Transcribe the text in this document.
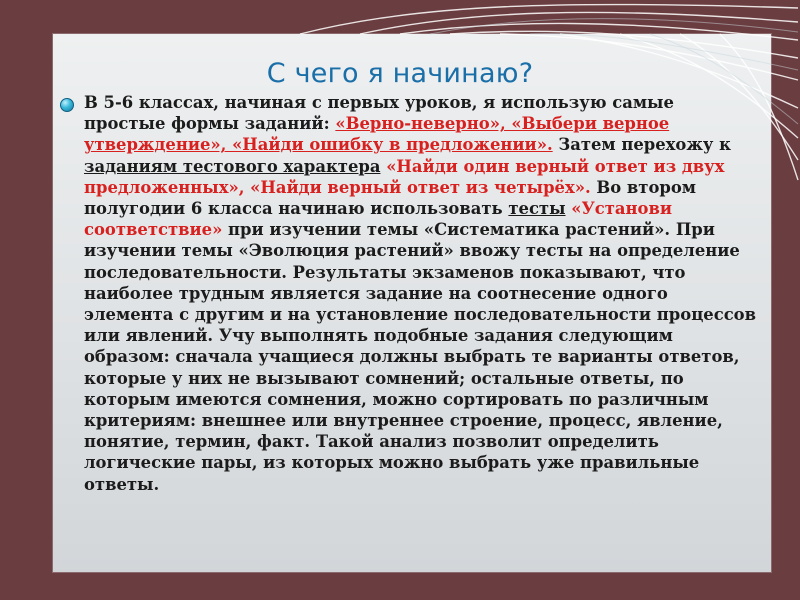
С чего я начинаю?
В 5-6 классах, начиная с первых уроков, я использую самые простые формы заданий: «Верно-неверно», «Выбери верное утверждение», «Найди ошибку в предложении». Затем перехожу к заданиям тестового характера «Найди один верный ответ из двух предложенных», «Найди верный ответ из четырёх». Во втором полугодии 6 класса начинаю использовать тесты «Установи соответствие» при изучении темы «Систематика растений». При изучении темы «Эволюция растений» ввожу тесты на определение последовательности. Результаты экзаменов показывают, что наиболее трудным является задание на соотнесение одного элемента с другим и на установление последовательности процессов или явлений. Учу выполнять подобные задания следующим образом: сначала учащиеся должны выбрать те варианты ответов, которые у них не вызывают сомнений; остальные ответы, по которым имеются сомнения, можно сортировать по различным критериям: внешнее или внутреннее строение, процесс, явление, понятие, термин, факт. Такой анализ позволит определить логические пары, из которых можно выбрать уже правильные ответы.
